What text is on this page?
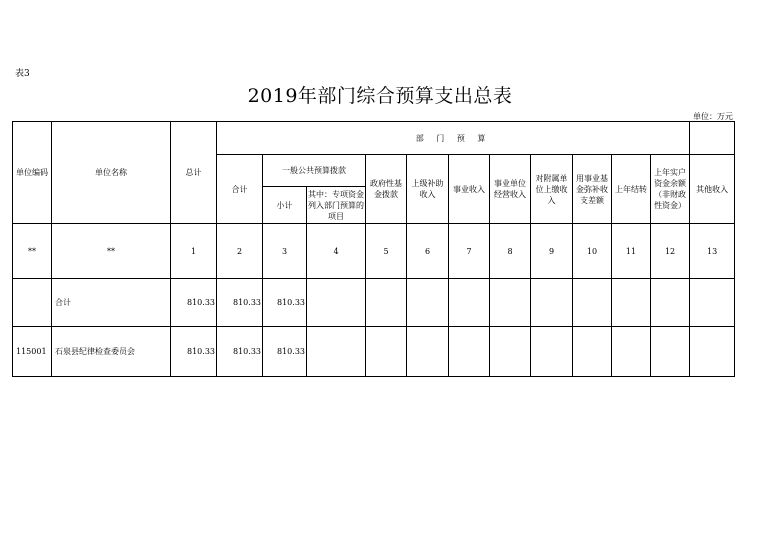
表3
2019年部门综合预算支出总表
单位：万元
单位编码	单位名称	总计	部 门 预 算											
			合计	一般公共预算拨款		政府性基金拨款	上级补助收入	事业收入	事业单位经营收入	对附属单位上缴收入	用事业基金弥补收支差额	上年结转	上年实户资金余额（非财政性资金）	其他收入
				小计	其中：专项资金列入部门预算的项目									
**	**	1	2	3	4	5	6	7	8	9	10	11	12	13
	合计	810.33	810.33	810.33										
115001	石泉县纪律检查委员会	810.33	810.33	810.33										
